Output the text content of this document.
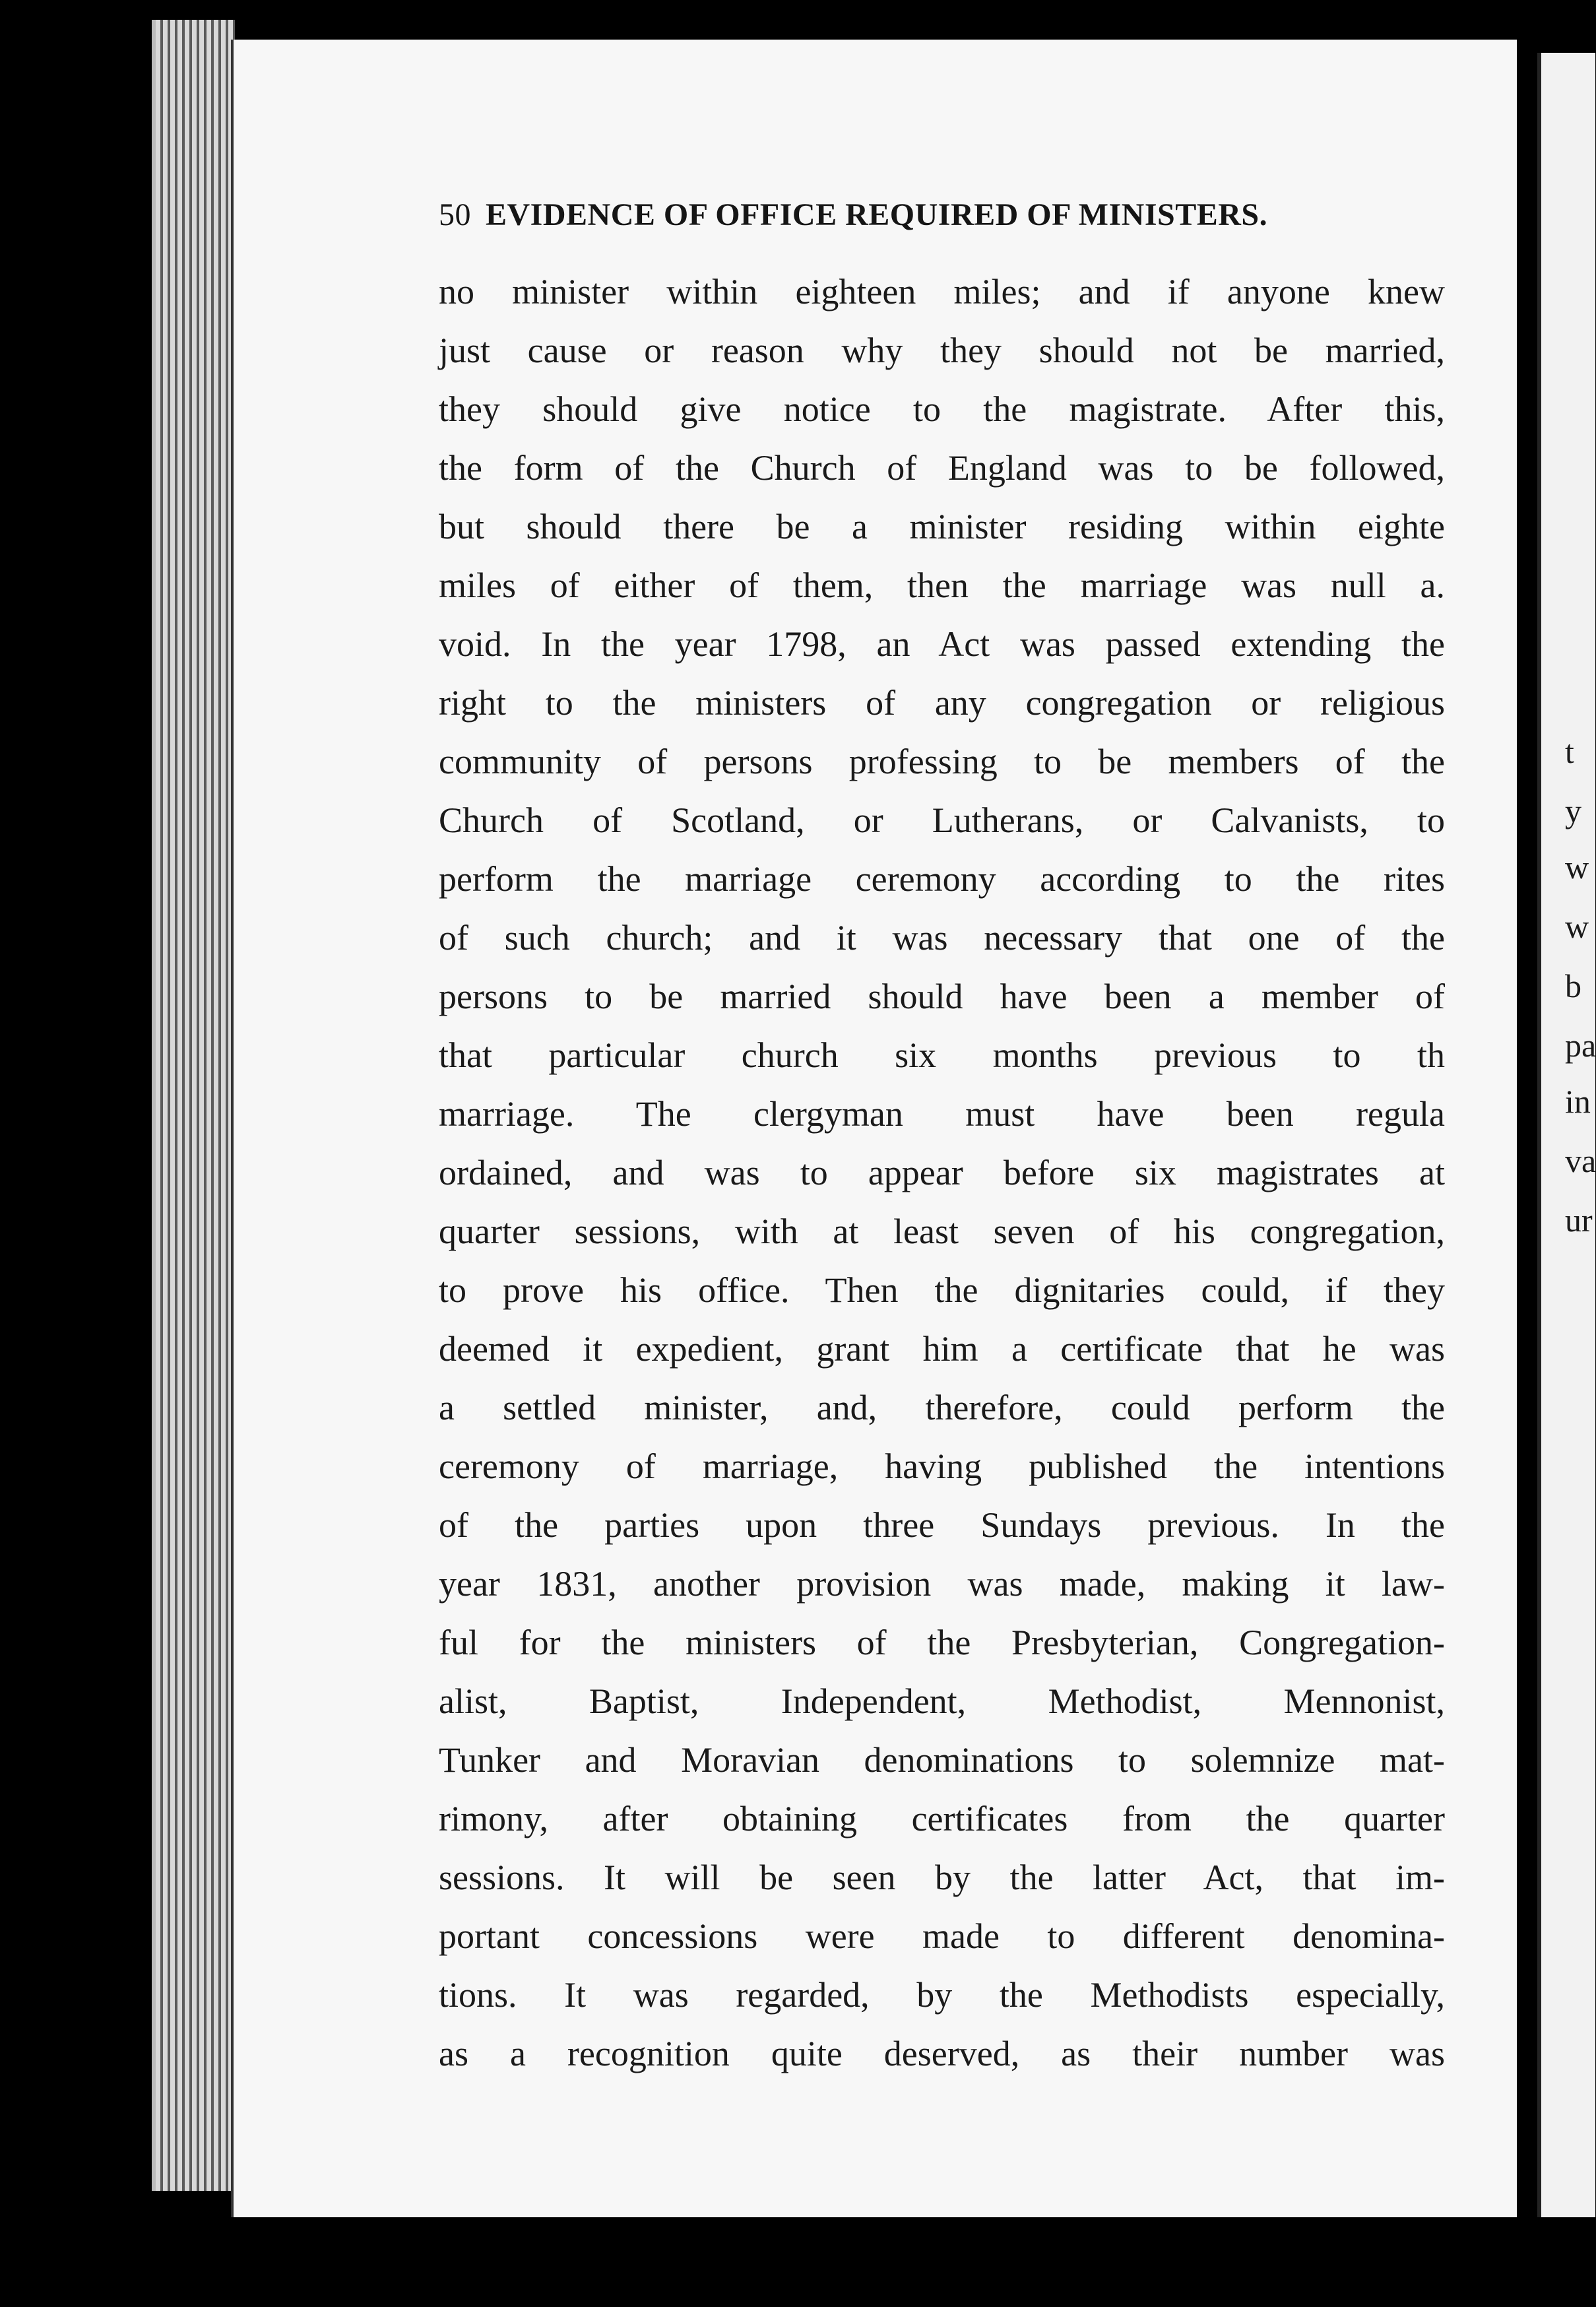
50 EVIDENCE OF OFFICE REQUIRED OF MINISTERS.
no minister within eighteen miles; and if anyone knew
just cause or reason why they should not be married,
they should give notice to the magistrate. After this,
the form of the Church of England was to be followed,
but should there be a minister residing within eighte
miles of either of them, then the marriage was null a.
void. In the year 1798, an Act was passed extending the
right to the ministers of any congregation or religious
community of persons professing to be members of the
Church of Scotland, or Lutherans, or Calvanists, to
perform the marriage ceremony according to the rites
of such church; and it was necessary that one of the
persons to be married should have been a member of
that particular church six months previous to th
marriage. The clergyman must have been regula
ordained, and was to appear before six magistrates at
quarter sessions, with at least seven of his congregation,
to prove his office. Then the dignitaries could, if they
deemed it expedient, grant him a certificate that he was
a settled minister, and, therefore, could perform the
ceremony of marriage, having published the intentions
of the parties upon three Sundays previous. In the
year 1831, another provision was made, making it law-
ful for the ministers of the Presbyterian, Congregation-
alist, Baptist, Independent, Methodist, Mennonist,
Tunker and Moravian denominations to solemnize mat-
rimony, after obtaining certificates from the quarter
sessions. It will be seen by the latter Act, that im-
portant concessions were made to different denomina-
tions. It was regarded, by the Methodists especially,
as a recognition quite deserved, as their number was
t
y
w
w
b
pa
in
va
ur
